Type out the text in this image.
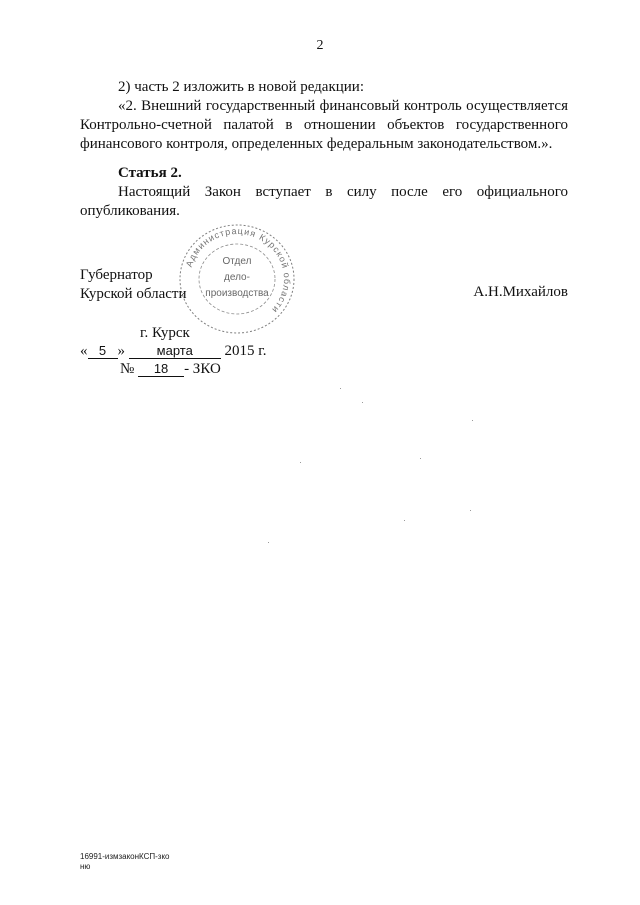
2

2) часть 2 изложить в новой редакции:

«2. Внешний государственный финансовый контроль осуществляется Контрольно-счетной палатой в отношении объектов государственного финансового контроля, определенных федеральным законодательством.».

Статья 2.

Настоящий Закон вступает в силу после его официального опубликования.

Губернатор
Курской области	А.Н.Михайлов
Администрация Курской области
Отдел
дело-
производства
г. Курск
« 5 » марта 2015 г.
№ 18 - ЗКО
16991-измзаконКСП-зко
ню
